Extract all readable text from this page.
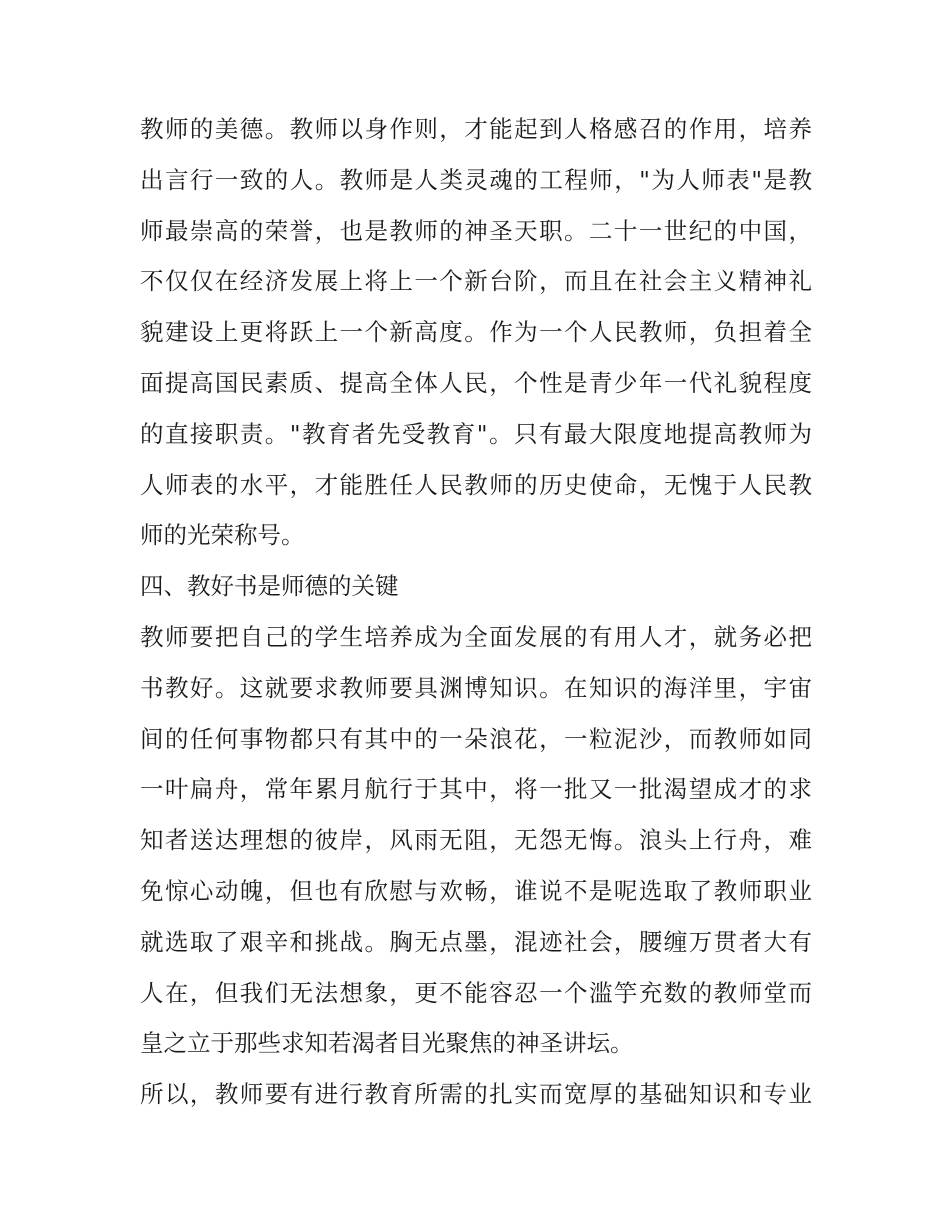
教师的美德。教师以身作则，才能起到人格感召的作用，培养
出言行一致的人。教师是人类灵魂的工程师，"为人师表"是教
师最崇高的荣誉，也是教师的神圣天职。二十一世纪的中国，
不仅仅在经济发展上将上一个新台阶，而且在社会主义精神礼
貌建设上更将跃上一个新高度。作为一个人民教师，负担着全
面提高国民素质、提高全体人民，个性是青少年一代礼貌程度
的直接职责。"教育者先受教育"。只有最大限度地提高教师为
人师表的水平，才能胜任人民教师的历史使命，无愧于人民教
师的光荣称号。
四、教好书是师德的关键
教师要把自己的学生培养成为全面发展的有用人才，就务必把
书教好。这就要求教师要具渊博知识。在知识的海洋里，宇宙
间的任何事物都只有其中的一朵浪花，一粒泥沙，而教师如同
一叶扁舟，常年累月航行于其中，将一批又一批渴望成才的求
知者送达理想的彼岸，风雨无阻，无怨无悔。浪头上行舟，难
免惊心动魄，但也有欣慰与欢畅，谁说不是呢选取了教师职业
就选取了艰辛和挑战。胸无点墨，混迹社会，腰缠万贯者大有
人在，但我们无法想象，更不能容忍一个滥竽充数的教师堂而
皇之立于那些求知若渴者目光聚焦的神圣讲坛。
所以，教师要有进行教育所需的扎实而宽厚的基础知识和专业
